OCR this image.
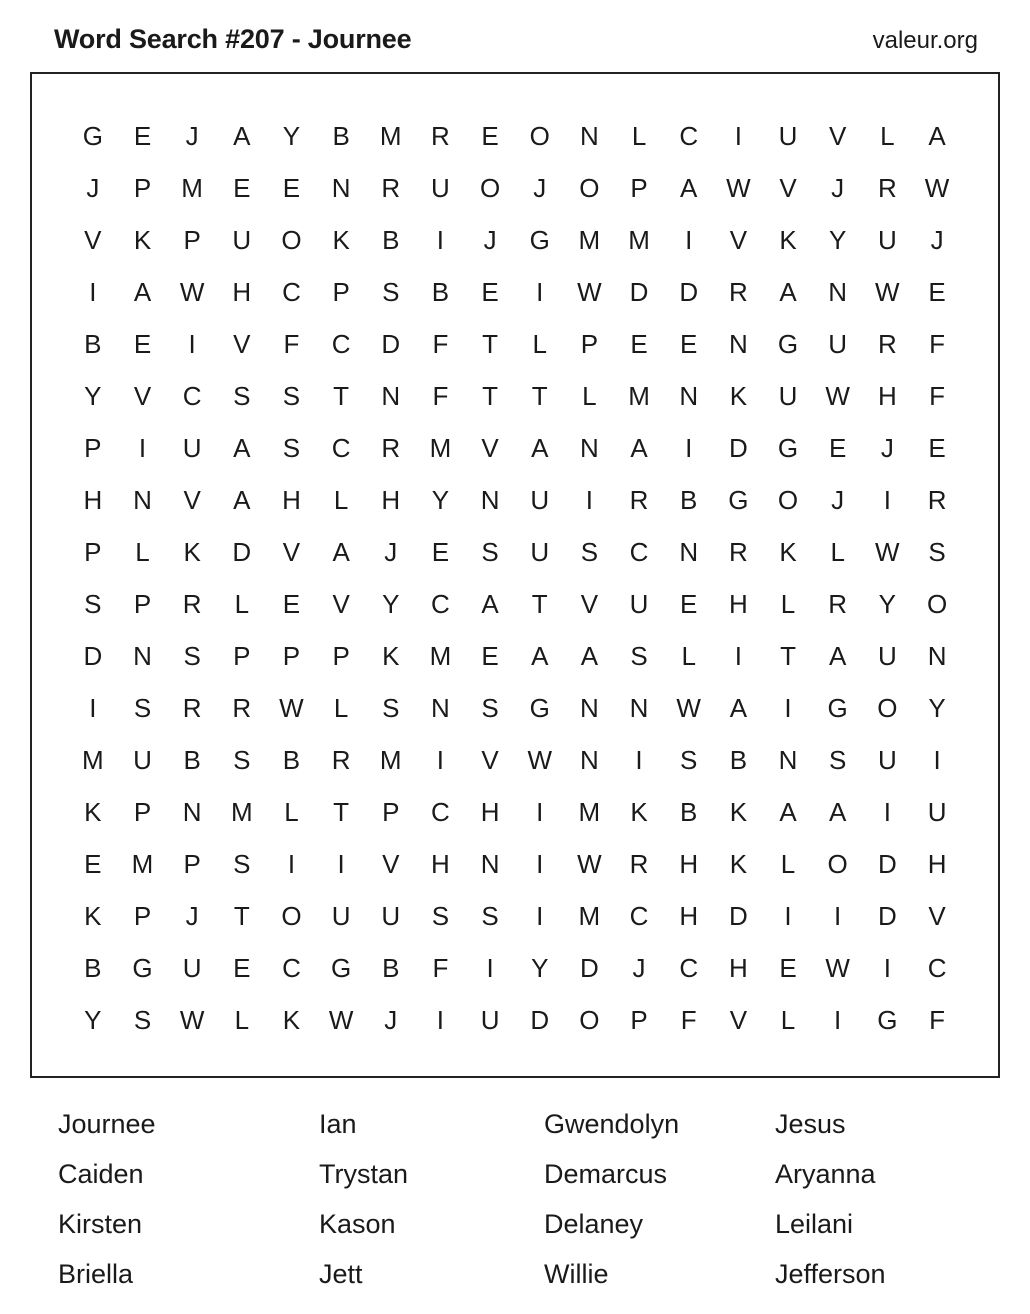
Word Search #207 - Journee	valeur.org
G	E	J	A	Y	B	M	R	E	O	N	L	C	I	U	V	L	A
J	P	M	E	E	N	R	U	O	J	O	P	A	W	V	J	R	W
V	K	P	U	O	K	B	I	J	G	M	M	I	V	K	Y	U	J
I	A	W	H	C	P	S	B	E	I	W	D	D	R	A	N	W	E
B	E	I	V	F	C	D	F	T	L	P	E	E	N	G	U	R	F
Y	V	C	S	S	T	N	F	T	T	L	M	N	K	U	W	H	F
P	I	U	A	S	C	R	M	V	A	N	A	I	D	G	E	J	E
H	N	V	A	H	L	H	Y	N	U	I	R	B	G	O	J	I	R
P	L	K	D	V	A	J	E	S	U	S	C	N	R	K	L	W	S
S	P	R	L	E	V	Y	C	A	T	V	U	E	H	L	R	Y	O
D	N	S	P	P	P	K	M	E	A	A	S	L	I	T	A	U	N
I	S	R	R	W	L	S	N	S	G	N	N	W	A	I	G	O	Y
M	U	B	S	B	R	M	I	V	W	N	I	S	B	N	S	U	I
K	P	N	M	L	T	P	C	H	I	M	K	B	K	A	A	I	U
E	M	P	S	I	I	V	H	N	I	W	R	H	K	L	O	D	H
K	P	J	T	O	U	U	S	S	I	M	C	H	D	I	I	D	V
B	G	U	E	C	G	B	F	I	Y	D	J	C	H	E	W	I	C
Y	S	W	L	K	W	J	I	U	D	O	P	F	V	L	I	G	F
Journee	Ian	Gwendolyn	Jesus
Caiden	Trystan	Demarcus	Aryanna
Kirsten	Kason	Delaney	Leilani
Briella	Jett	Willie	Jefferson
